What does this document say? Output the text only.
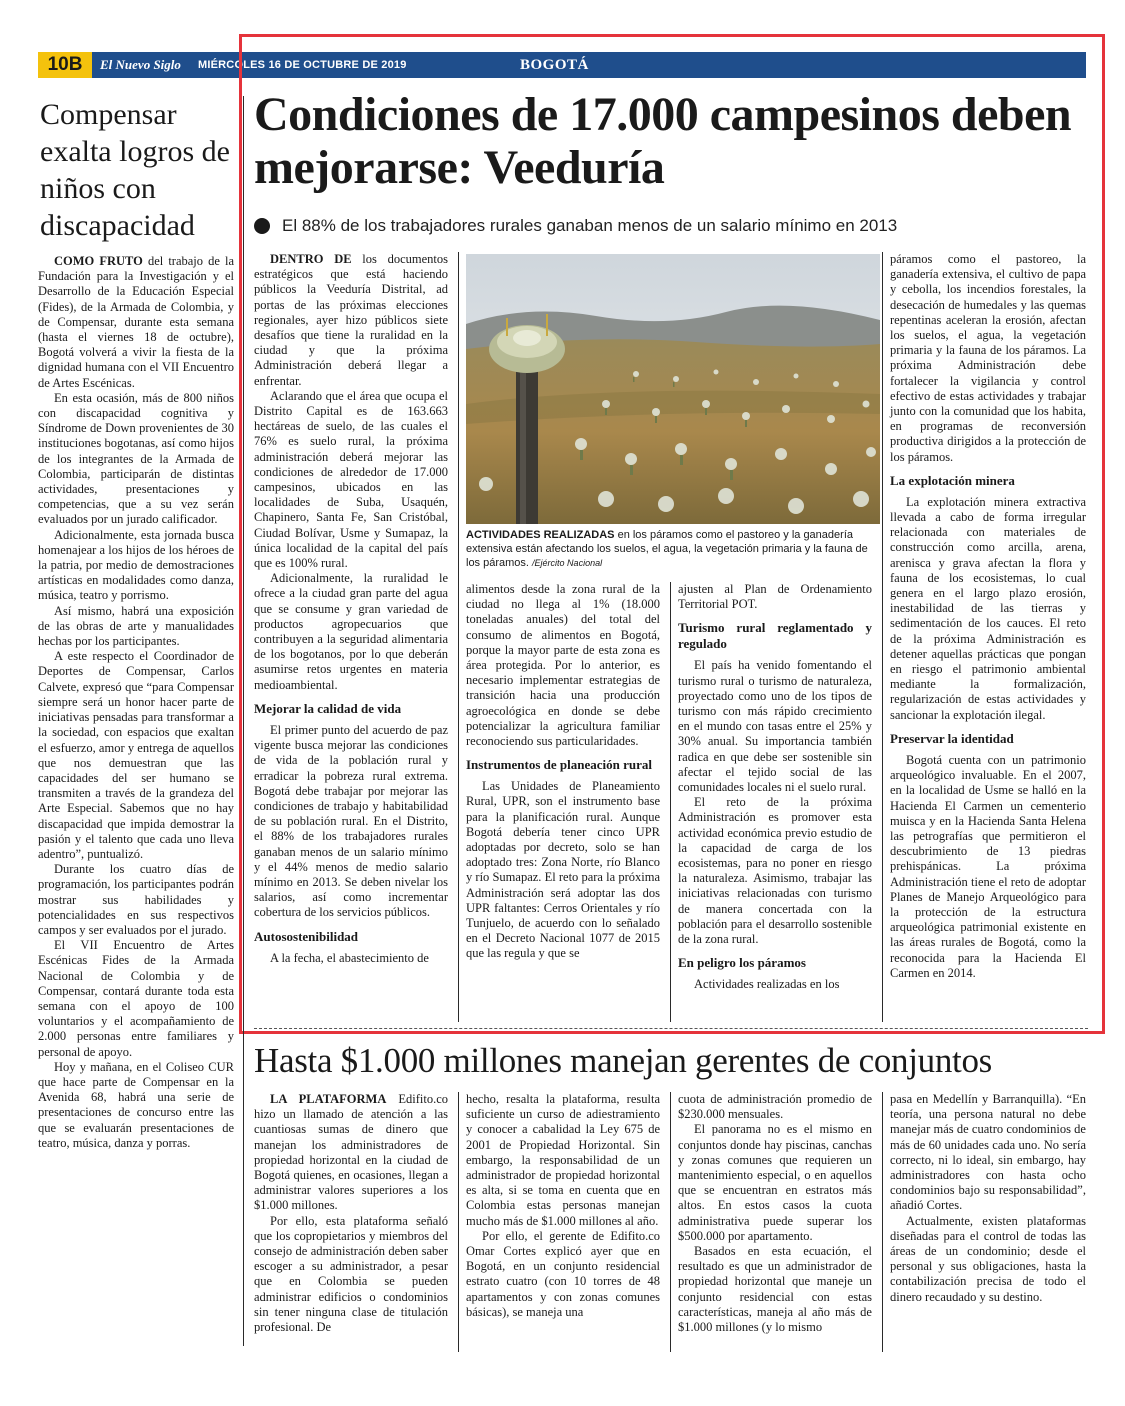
10B	El Nuevo Siglo MIÉRCOLES 16 DE OCTUBRE DE 2019	BOGOTÁ
Compensar exalta logros de niños con discapacidad

COMO FRUTO del trabajo de la Fundación para la Investigación y el Desarrollo de la Educación Especial (Fides), de la Armada de Colombia, y de Compensar, durante esta semana (hasta el viernes 18 de octubre), Bogotá volverá a vivir la fiesta de la dignidad humana con el VII Encuentro de Artes Escénicas.

En esta ocasión, más de 800 niños con discapacidad cognitiva y Síndrome de Down provenientes de 30 instituciones bogotanas, así como hijos de los integrantes de la Armada de Colombia, participarán de distintas actividades, presentaciones y competencias, que a su vez serán evaluados por un jurado calificador.

Adicionalmente, esta jornada busca homenajear a los hijos de los héroes de la patria, por medio de demostraciones artísticas en modalidades como danza, música, teatro y porrismo.

Así mismo, habrá una exposición de las obras de arte y manualidades hechas por los participantes.

A este respecto el Coordinador de Deportes de Compensar, Carlos Calvete, expresó que “para Compensar siempre será un honor hacer parte de iniciativas pensadas para transformar a la sociedad, con espacios que exaltan el esfuerzo, amor y entrega de aquellos que nos demuestran que las capacidades del ser humano se transmiten a través de la grandeza del Arte Especial. Sabemos que no hay discapacidad que impida demostrar la pasión y el talento que cada uno lleva adentro”, puntualizó.

Durante los cuatro días de programación, los participantes podrán mostrar sus habilidades y potencialidades en sus respectivos campos y ser evaluados por el jurado.

El VII Encuentro de Artes Escénicas Fides de la Armada Nacional de Colombia y de Compensar, contará durante toda esta semana con el apoyo de 100 voluntarios y el acompañamiento de 2.000 personas entre familiares y personal de apoyo.

Hoy y mañana, en el Coliseo CUR que hace parte de Compensar en la Avenida 68, habrá una serie de presentaciones de concurso entre las que se evaluarán presentaciones de teatro, música, danza y porras.

Condiciones de 17.000 campesinos deben mejorarse: Veeduría
El 88% de los trabajadores rurales ganaban menos de un salario mínimo en 2013
ACTIVIDADES REALIZADAS en los páramos como el pastoreo y la ganadería extensiva están afectando los suelos, el agua, la vegetación primaria y la fauna de los páramos. /Ejército Nacional

DENTRO DE los documentos estratégicos que está haciendo públicos la Veeduría Distrital, ad portas de las próximas elecciones regionales, ayer hizo públicos siete desafíos que tiene la ruralidad en la ciudad y que la próxima Administración deberá llegar a enfrentar.

Aclarando que el área que ocupa el Distrito Capital es de 163.663 hectáreas de suelo, de las cuales el 76% es suelo rural, la próxima administración deberá mejorar las condiciones de alrededor de 17.000 campesinos, ubicados en las localidades de Suba, Usaquén, Chapinero, Santa Fe, San Cristóbal, Ciudad Bolívar, Usme y Sumapaz, la única localidad de la capital del país que es 100% rural.

Adicionalmente, la ruralidad le ofrece a la ciudad gran parte del agua que se consume y gran variedad de productos agropecuarios que contribuyen a la seguridad alimentaria de los bogotanos, por lo que deberán asumirse retos urgentes en materia medioambiental.

Mejorar la calidad de vida

El primer punto del acuerdo de paz vigente busca mejorar las condiciones de vida de la población rural y erradicar la pobreza rural extrema. Bogotá debe trabajar por mejorar las condiciones de trabajo y habitabilidad de su población rural. En el Distrito, el 88% de los trabajadores rurales ganaban menos de un salario mínimo y el 44% menos de medio salario mínimo en 2013. Se deben nivelar los salarios, así como incrementar cobertura de los servicios públicos.

Autosostenibilidad

A la fecha, el abastecimiento de

alimentos desde la zona rural de la ciudad no llega al 1% (18.000 toneladas anuales) del total del consumo de alimentos en Bogotá, porque la mayor parte de esta zona es área protegida. Por lo anterior, es necesario implementar estrategias de transición hacia una producción agroecológica en donde se debe potencializar la agricultura familiar reconociendo sus particularidades.

Instrumentos de planeación rural

Las Unidades de Planeamiento Rural, UPR, son el instrumento base para la planificación rural. Aunque Bogotá debería tener cinco UPR adoptadas por decreto, solo se han adoptado tres: Zona Norte, río Blanco y río Sumapaz. El reto para la próxima Administración será adoptar las dos UPR faltantes: Cerros Orientales y río Tunjuelo, de acuerdo con lo señalado en el Decreto Nacional 1077 de 2015 que las regula y que se

ajusten al Plan de Ordenamiento Territorial POT.

Turismo rural reglamentado y regulado

El país ha venido fomentando el turismo rural o turismo de naturaleza, proyectado como uno de los tipos de turismo con más rápido crecimiento en el mundo con tasas entre el 25% y 30% anual. Su importancia también radica en que debe ser sostenible sin afectar el tejido social de las comunidades locales ni el suelo rural.

El reto de la próxima Administración es promover esta actividad económica previo estudio de la capacidad de carga de los ecosistemas, para no poner en riesgo la naturaleza. Asimismo, trabajar las iniciativas relacionadas con turismo de manera concertada con la población para el desarrollo sostenible de la zona rural.

En peligro los páramos

Actividades realizadas en los

páramos como el pastoreo, la ganadería extensiva, el cultivo de papa y cebolla, los incendios forestales, la desecación de humedales y las quemas repentinas aceleran la erosión, afectan los suelos, el agua, la vegetación primaria y la fauna de los páramos. La próxima Administración debe fortalecer la vigilancia y control efectivo de estas actividades y trabajar junto con la comunidad que los habita, en programas de reconversión productiva dirigidos a la protección de los páramos.

La explotación minera

La explotación minera extractiva llevada a cabo de forma irregular relacionada con materiales de construcción como arcilla, arena, arenisca y grava afectan la flora y fauna de los ecosistemas, lo cual genera en el largo plazo erosión, inestabilidad de las tierras y sedimentación de los cauces. El reto de la próxima Administración es detener aquellas prácticas que pongan en riesgo el patrimonio ambiental mediante la formalización, regularización de estas actividades y sancionar la explotación ilegal.

Preservar la identidad

Bogotá cuenta con un patrimonio arqueológico invaluable. En el 2007, en la localidad de Usme se halló en la Hacienda El Carmen un cementerio muisca y en la Hacienda Santa Helena las petrografías que permitieron el descubrimiento de 13 piedras prehispánicas. La próxima Administración tiene el reto de adoptar Planes de Manejo Arqueológico para la protección de la estructura arqueológica patrimonial existente en las áreas rurales de Bogotá, como la reconocida para la Hacienda El Carmen en 2014.

Hasta $1.000 millones manejan gerentes de conjuntos

LA PLATAFORMA Edifito.co hizo un llamado de atención a las cuantiosas sumas de dinero que manejan los administradores de propiedad horizontal en la ciudad de Bogotá quienes, en ocasiones, llegan a administrar valores superiores a los $1.000 millones.

Por ello, esta plataforma señaló que los copropietarios y miembros del consejo de administración deben saber escoger a su administrador, a pesar que en Colombia se pueden administrar edificios o condominios sin tener ninguna clase de titulación profesional. De

hecho, resalta la plataforma, resulta suficiente un curso de adiestramiento y conocer a cabalidad la Ley 675 de 2001 de Propiedad Horizontal. Sin embargo, la responsabilidad de un administrador de propiedad horizontal es alta, si se toma en cuenta que en Colombia estas personas manejan mucho más de $1.000 millones al año.

Por ello, el gerente de Edifito.co Omar Cortes explicó ayer que en Bogotá, en un conjunto residencial estrato cuatro (con 10 torres de 48 apartamentos y con zonas comunes básicas), se maneja una

cuota de administración promedio de $230.000 mensuales.

El panorama no es el mismo en conjuntos donde hay piscinas, canchas y zonas comunes que requieren un mantenimiento especial, o en aquellos que se encuentran en estratos más altos. En estos casos la cuota administrativa puede superar los $500.000 por apartamento.

Basados en esta ecuación, el resultado es que un administrador de propiedad horizontal que maneje un conjunto residencial con estas características, maneja al año más de $1.000 millones (y lo mismo

pasa en Medellín y Barranquilla). “En teoría, una persona natural no debe manejar más de cuatro condominios de más de 60 unidades cada uno. No sería correcto, ni lo ideal, sin embargo, hay administradores con hasta ocho condominios bajo su responsabilidad”, añadió Cortes.

Actualmente, existen plataformas diseñadas para el control de todas las áreas de un condominio; desde el personal y sus obligaciones, hasta la contabilización precisa de todo el dinero recaudado y su destino.
